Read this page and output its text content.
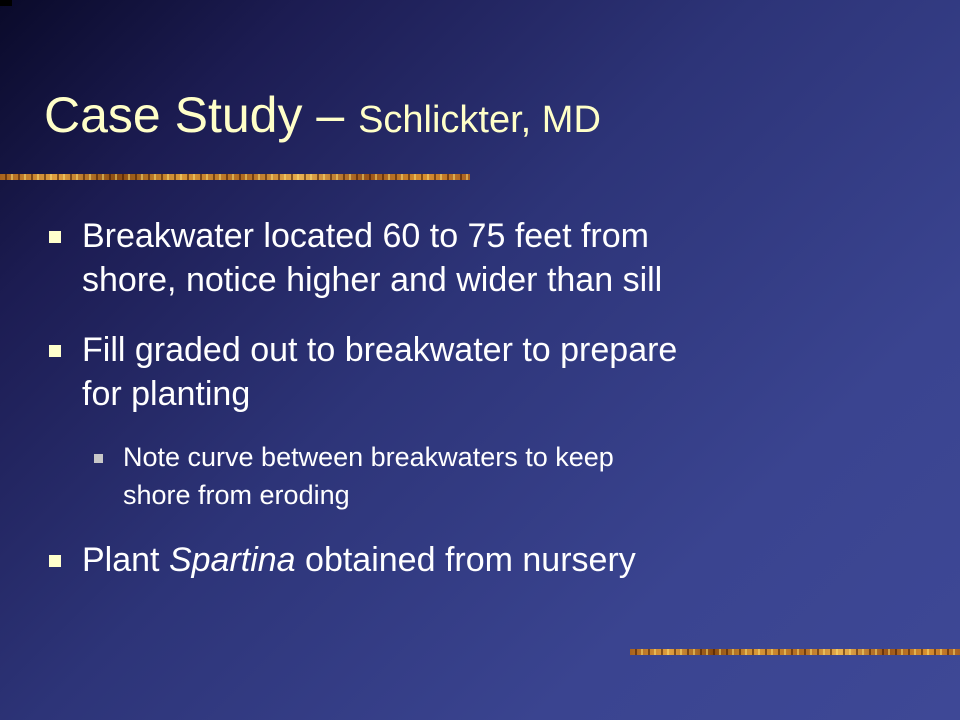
Case Study – Schlickter, MD
Breakwater located 60 to 75 feet from
shore, notice higher and wider than sill
Fill graded out to breakwater to prepare
for planting
Note curve between breakwaters to keep
shore from eroding
Plant Spartina obtained from nursery
